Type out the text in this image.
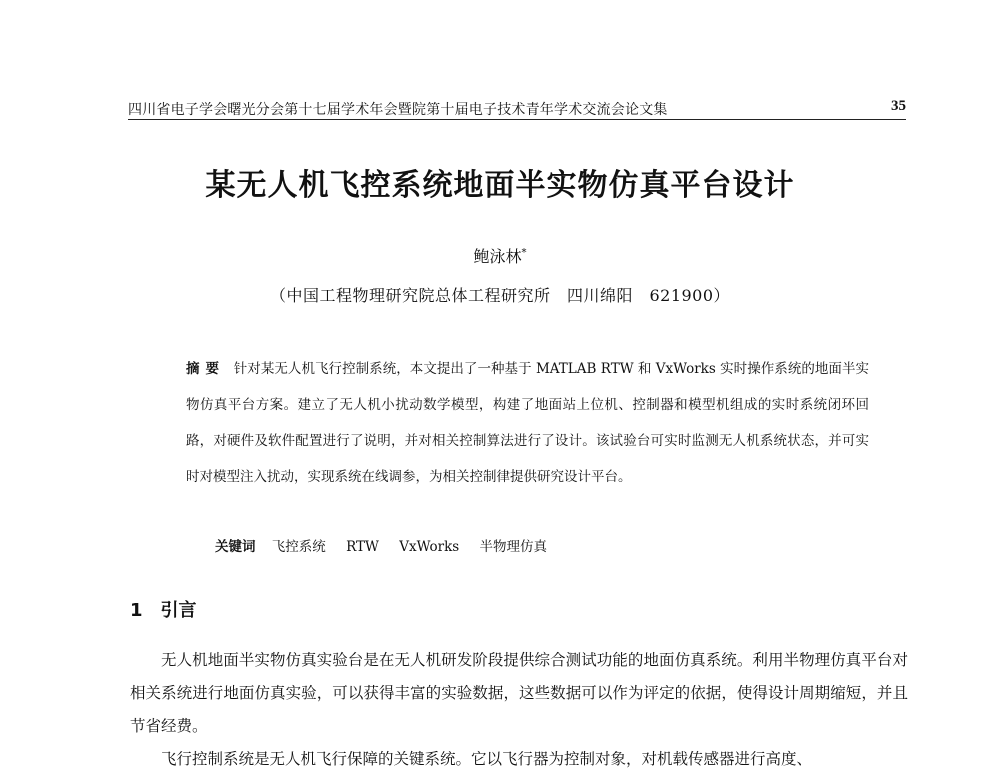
四川省电子学会曙光分会第十七届学术年会暨院第十届电子技术青年学术交流会论文集	35
某无人机飞控系统地面半实物仿真平台设计
鲍泳林*
（中国工程物理研究院总体工程研究所　四川绵阳　621900）
摘要 针对某无人机飞行控制系统，本文提出了一种基于 MATLAB RTW 和 VxWorks 实时操作系统的地面半实物仿真平台方案。建立了无人机小扰动数学模型，构建了地面站上位机、控制器和模型机组成的实时系统闭环回路，对硬件及软件配置进行了说明，并对相关控制算法进行了设计。该试验台可实时监测无人机系统状态，并可实时对模型注入扰动，实现系统在线调参，为相关控制律提供研究设计平台。
关键词 飞控系统 RTW VxWorks 半物理仿真
1 引言

无人机地面半实物仿真实验台是在无人机研发阶段提供综合测试功能的地面仿真系统。利用半物理仿真平台对相关系统进行地面仿真实验，可以获得丰富的实验数据，这些数据可以作为评定的依据，使得设计周期缩短，并且节省经费。

飞行控制系统是无人机飞行保障的关键系统。它以飞行器为控制对象，对机载传感器进行高度、
